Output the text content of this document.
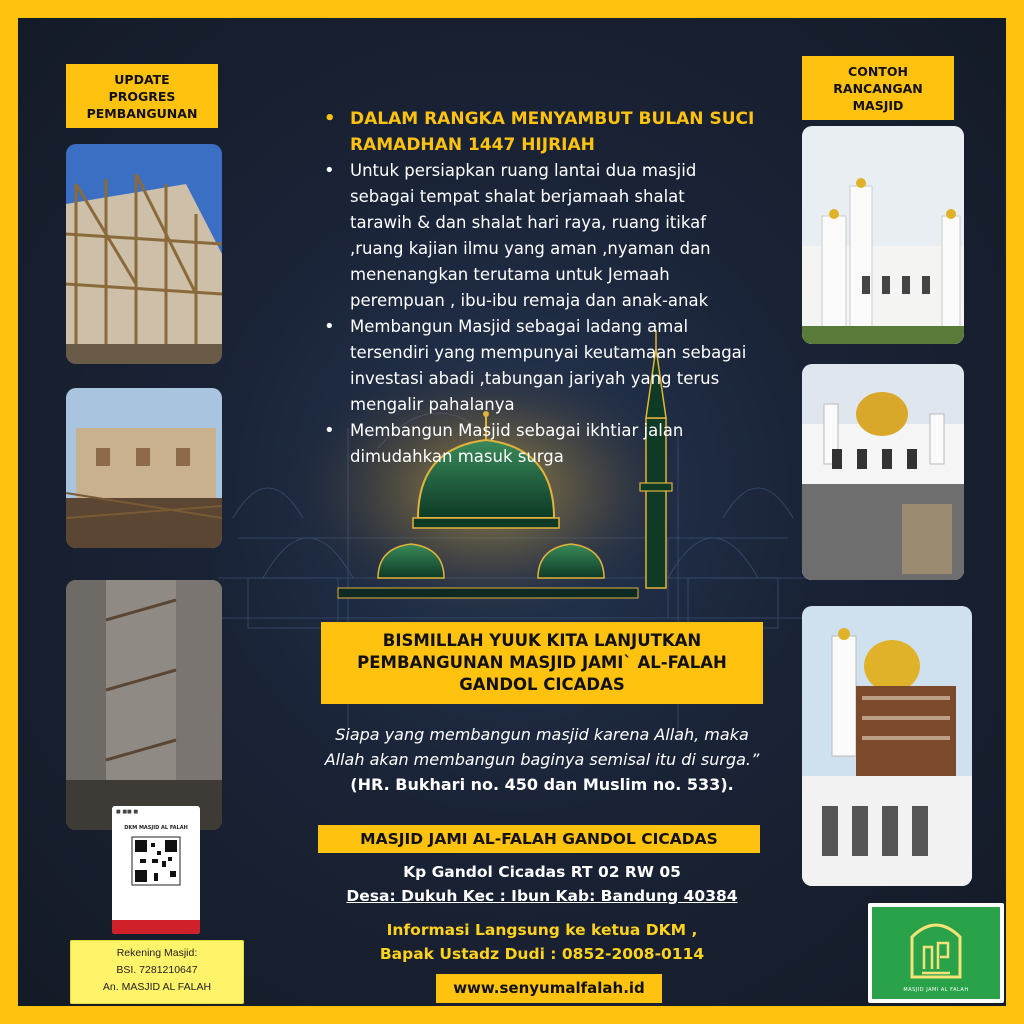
UPDATE
PROGRES
PEMBANGUNAN
■ ■■ ■
DKM MASJID AL FALAH
Rekening Masjid:
BSI. 7281210647
An. MASJID AL FALAH
CONTOH
RANCANGAN
MASJID
MASJID JAMI AL FALAH
• DALAM RANGKA MENYAMBUT BULAN SUCI
RAMADHAN 1447 HIJRIAH
• Untuk persiapkan ruang lantai dua masjid
sebagai tempat shalat berjamaah shalat
tarawih & dan shalat hari raya, ruang itikaf
,ruang kajian ilmu yang aman ,nyaman dan
menenangkan terutama untuk Jemaah
perempuan , ibu-ibu remaja dan anak-anak
• Membangun Masjid sebagai ladang amal
tersendiri yang mempunyai keutamaan sebagai
investasi abadi ,tabungan jariyah yang terus
mengalir pahalanya
• Membangun Masjid sebagai ikhtiar jalan
dimudahkan masuk surga
BISMILLAH YUUK KITA LANJUTKAN
PEMBANGUNAN MASJID JAMI` AL-FALAH
GANDOL CICADAS
Siapa yang membangun masjid karena Allah, maka
Allah akan membangun baginya semisal itu di surga.”
(HR. Bukhari no. 450 dan Muslim no. 533).
MASJID JAMI AL-FALAH GANDOL CICADAS
Kp Gandol Cicadas RT 02 RW 05
Desa: Dukuh Kec : Ibun Kab: Bandung 40384
Informasi Langsung ke ketua DKM ,
Bapak Ustadz Dudi : 0852-2008-0114
www.senyumalfalah.id
